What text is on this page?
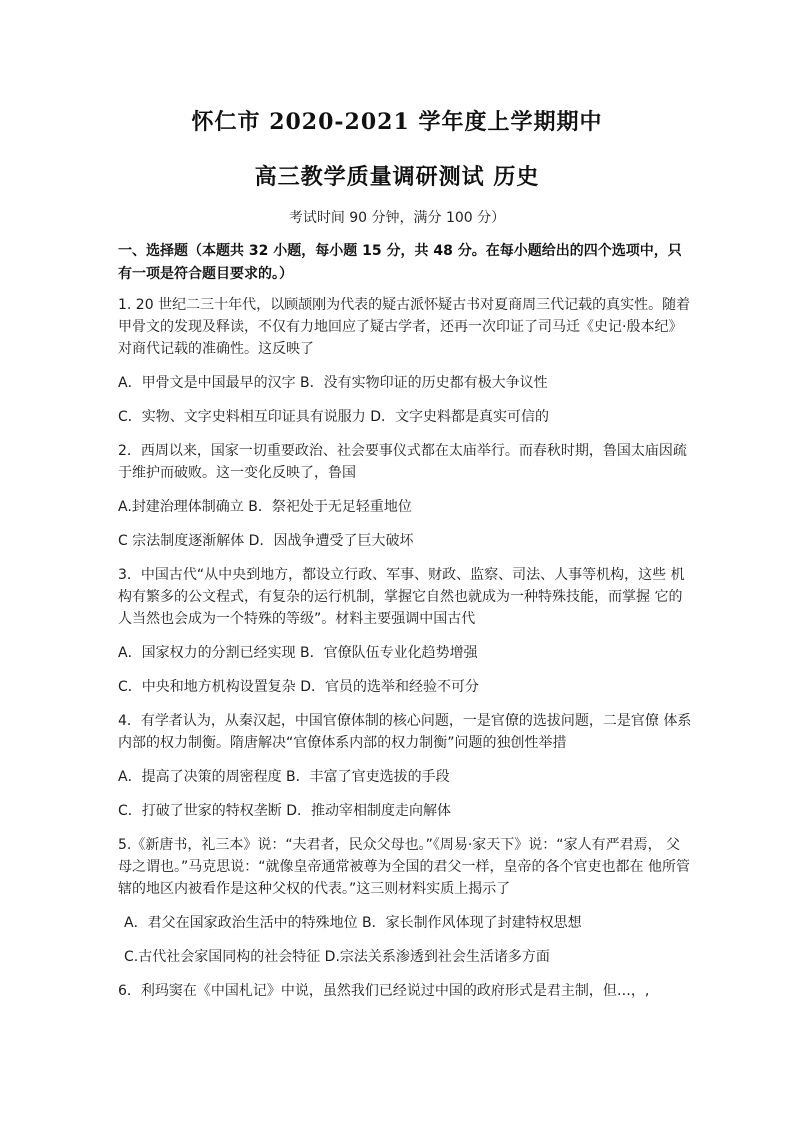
怀仁市 2020-2021 学年度上学期期中
高三教学质量调研测试 历史
考试时间 90 分钟，满分 100 分）
一、选择题（本题共 32 小题，每小题 15 分，共 48 分。在每小题给出的四个选项中，只 有一项是符合题目要求的。）

1. 20 世纪二三十年代，以顾颉刚为代表的疑古派怀疑古书对夏商周三代记载的真实性。随着甲骨文的发现及释读，不仅有力地回应了疑古学者，还再一次印证了司马迁《史记·殷本纪》对商代记载的准确性。这反映了

A．甲骨文是中国最早的汉字 B．没有实物印证的历史都有极大争议性

C．实物、文字史料相互印证具有说服力 D．文字史料都是真实可信的

2．西周以来，国家一切重要政治、社会要事仪式都在太庙举行。而春秋时期，鲁国太庙因疏于维护而破败。这一变化反映了，鲁国

A.封建治理体制确立 B．祭祀处于无足轻重地位

C 宗法制度逐渐解体 D．因战争遭受了巨大破坏

3．中国古代“从中央到地方，都设立行政、军事、财政、监察、司法、人事等机构，这些 机构有繁多的公文程式，有复杂的运行机制，掌握它自然也就成为一种特殊技能，而掌握 它的人当然也会成为一个特殊的等级”。材料主要强调中国古代

A．国家权力的分割已经实现 B．官僚队伍专业化趋势增强

C．中央和地方机构设置复杂 D．官员的选举和经验不可分

4．有学者认为，从秦汉起，中国官僚体制的核心问题，一是官僚的选拔问题，二是官僚 体系内部的权力制衡。隋唐解决“官僚体系内部的权力制衡”问题的独创性举措

A．提高了决策的周密程度 B．丰富了官吏选拔的手段

C．打破了世家的特权垄断 D．推动宰相制度走向解体

5.《新唐书，礼三本》说：“夫君者，民众父母也。”《周易·家天下》说：“家人有严君焉， 父母之谓也。”马克思说：“就像皇帝通常被尊为全国的君父一样，皇帝的各个官吏也都在 他所管辖的地区内被看作是这种父权的代表。”这三则材料实质上揭示了

A．君父在国家政治生活中的特殊地位 B．家长制作风体现了封建特权思想

C.古代社会家国同构的社会特征 D.宗法关系渗透到社会生活诸多方面

6．利玛窦在《中国札记》中说，虽然我们已经说过中国的政府形式是君主制，但…，,
